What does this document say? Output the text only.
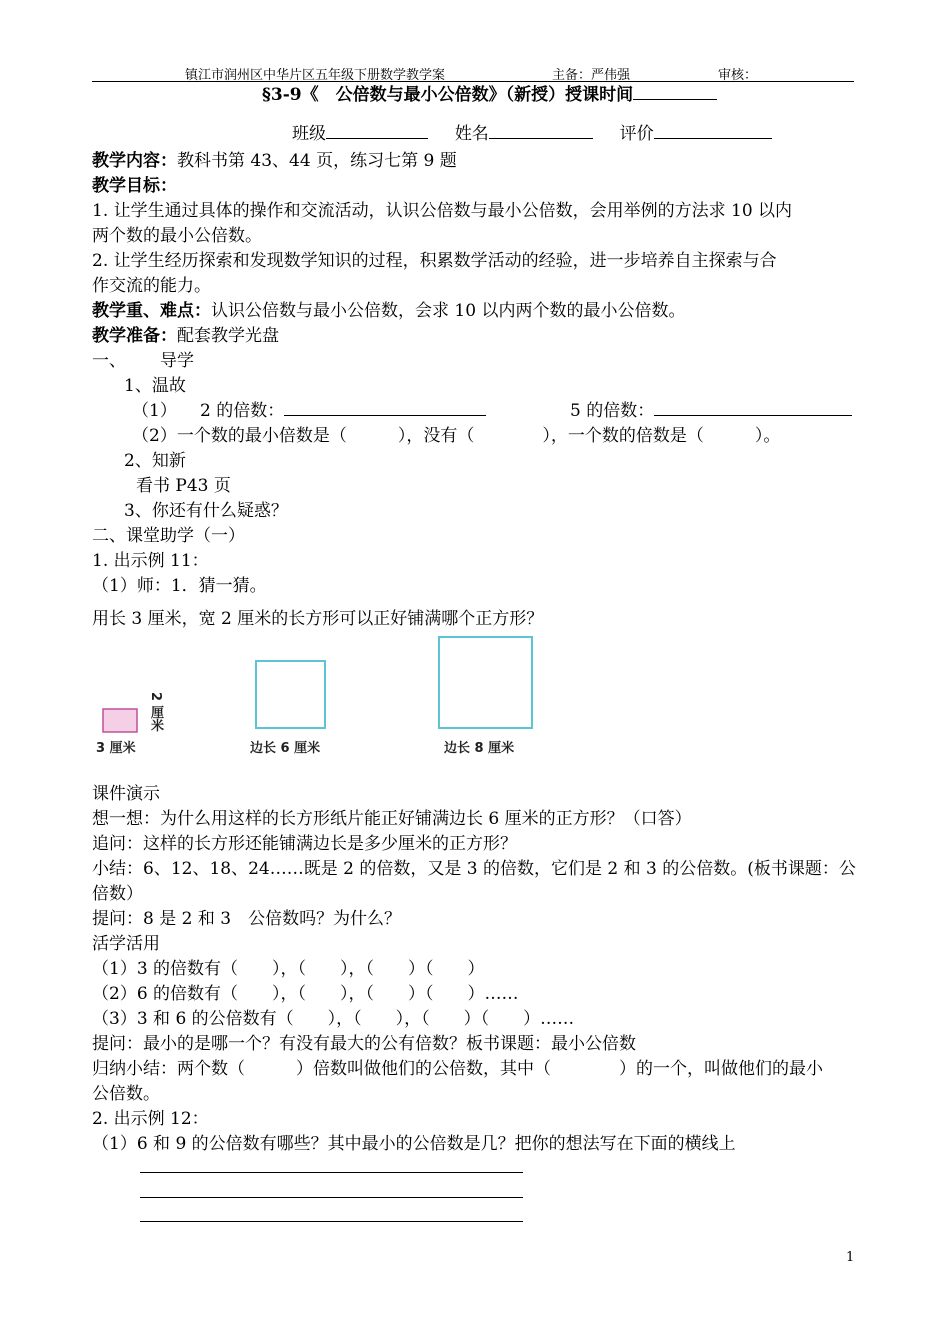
镇江市润州区中华片区五年级下册数学教学案	主备：严伟强	审核：
§3-9《　公倍数与最小公倍数》（新授）授课时间
班级	姓名	评价
教学内容：教科书第 43、44 页，练习七第 9 题
教学目标：
1. 让学生通过具体的操作和交流活动，认识公倍数与最小公倍数，会用举例的方法求 10 以内
两个数的最小公倍数。
2. 让学生经历探索和发现数学知识的过程，积累数学活动的经验，进一步培养自主探索与合
作交流的能力。
教学重、难点：认识公倍数与最小公倍数，会求 10 以内两个数的最小公倍数。
教学准备：配套教学光盘
一、 导学
1、温故
（1） 2 的倍数：	5 的倍数：
（2）一个数的最小倍数是（　　　），没有（　　　　），一个数的倍数是（　　　）。
2、知新
看书 P43 页
3、你还有什么疑惑？
二、课堂助学（一）
1. 出示例 11：
（1）师：1．猜一猜。
用长 3 厘米，宽 2 厘米的长方形可以正好铺满哪个正方形？
3 厘米
2 厘米
边长 6 厘米	边长 8 厘米
课件演示
想一想：为什么用这样的长方形纸片能正好铺满边长 6 厘米的正方形？（口答）
追问：这样的长方形还能铺满边长是多少厘米的正方形？
小结：6、12、18、24……既是 2 的倍数，又是 3 的倍数，它们是 2 和 3 的公倍数。(板书课题：公
倍数）
提问：8 是 2 和 3　公倍数吗？为什么？
活学活用
（1）3 的倍数有（　　），（　　），（　　）（　　）
（2）6 的倍数有（　　），（　　），（　　）（　　）……
（3）3 和 6 的公倍数有（　　），（　　），（　　）（　　）……
提问：最小的是哪一个？有没有最大的公有倍数？板书课题：最小公倍数
归纳小结：两个数（　　　）倍数叫做他们的公倍数，其中（　　　　）的一个，叫做他们的最小
公倍数。
2. 出示例 12：
（1）6 和 9 的公倍数有哪些？其中最小的公倍数是几？把你的想法写在下面的横线上
1
